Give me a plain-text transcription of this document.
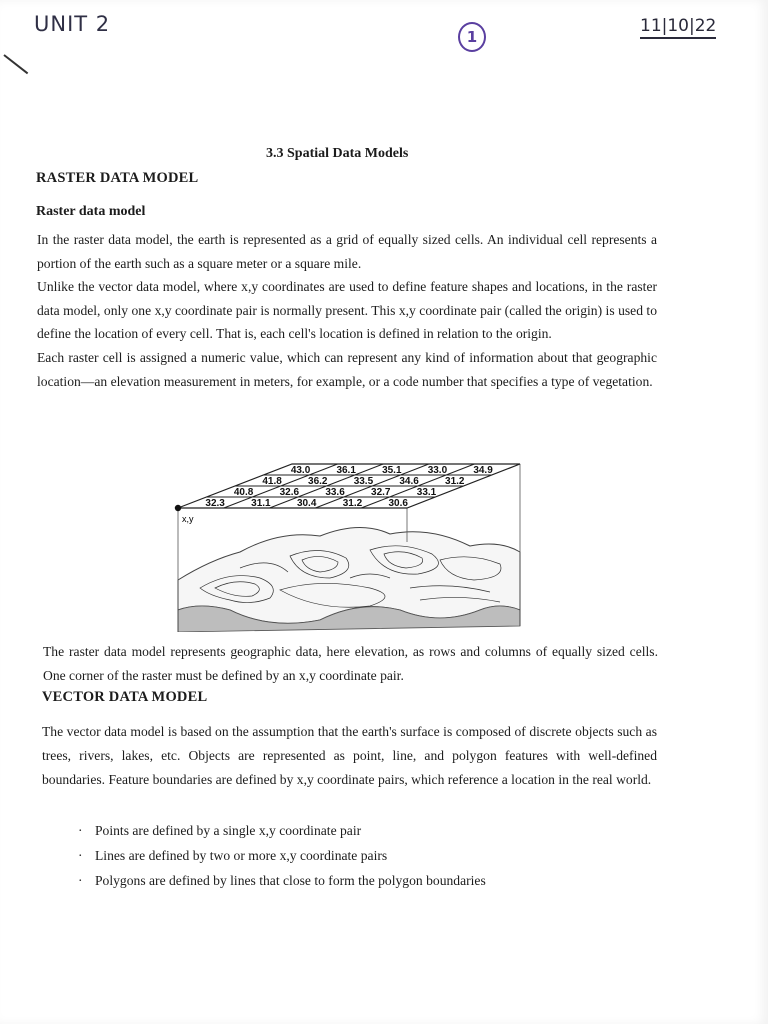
UNIT 2
1
11|10|22
3.3 Spatial Data Models
RASTER DATA MODEL
Raster data model

In the raster data model, the earth is represented as a grid of equally sized cells. An individual cell represents a portion of the earth such as a square meter or a square mile.

Unlike the vector data model, where x,y coordinates are used to define feature shapes and locations, in the raster data model, only one x,y coordinate pair is normally present. This x,y coordinate pair (called the origin) is used to define the location of every cell. That is, each cell's location is defined in relation to the origin.

Each raster cell is assigned a numeric value, which can represent any kind of information about that geographic location—an elevation measurement in meters, for example, or a code number that specifies a type of vegetation.

43.0	36.1	35.1	33.0	34.9
41.8	36.2	33.5	34.6	31.2
40.8	32.6	33.6	32.7	33.1
32.3	31.1	30.4	31.2	30.6
x,y
The raster data model represents geographic data, here elevation, as rows and columns of equally sized cells. One corner of the raster must be defined by an x,y coordinate pair.
VECTOR DATA MODEL
The vector data model is based on the assumption that the earth's surface is composed of discrete objects such as trees, rivers, lakes, etc. Objects are represented as point, line, and polygon features with well-defined boundaries. Feature boundaries are defined by x,y coordinate pairs, which reference a location in the real world.
· Points are defined by a single x,y coordinate pair
· Lines are defined by two or more x,y coordinate pairs
· Polygons are defined by lines that close to form the polygon boundaries
